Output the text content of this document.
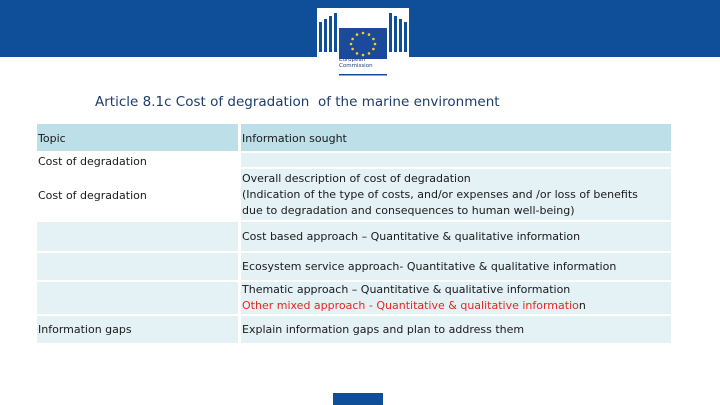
European
Commission
Article 8.1c Cost of degradation  of the marine environment
Topic	Information sought
Cost of degradation
Cost of degradation
Overall description of cost of degradation
(Indication of the type of costs, and/or expenses and /or loss of benefits
due to degradation and consequences to human well-being)
Cost based approach – Quantitative & qualitative information
Ecosystem service approach- Quantitative & qualitative information
Thematic approach – Quantitative & qualitative information
Other mixed approach - Quantitative & qualitative information
Information gaps	Explain information gaps and plan to address them
